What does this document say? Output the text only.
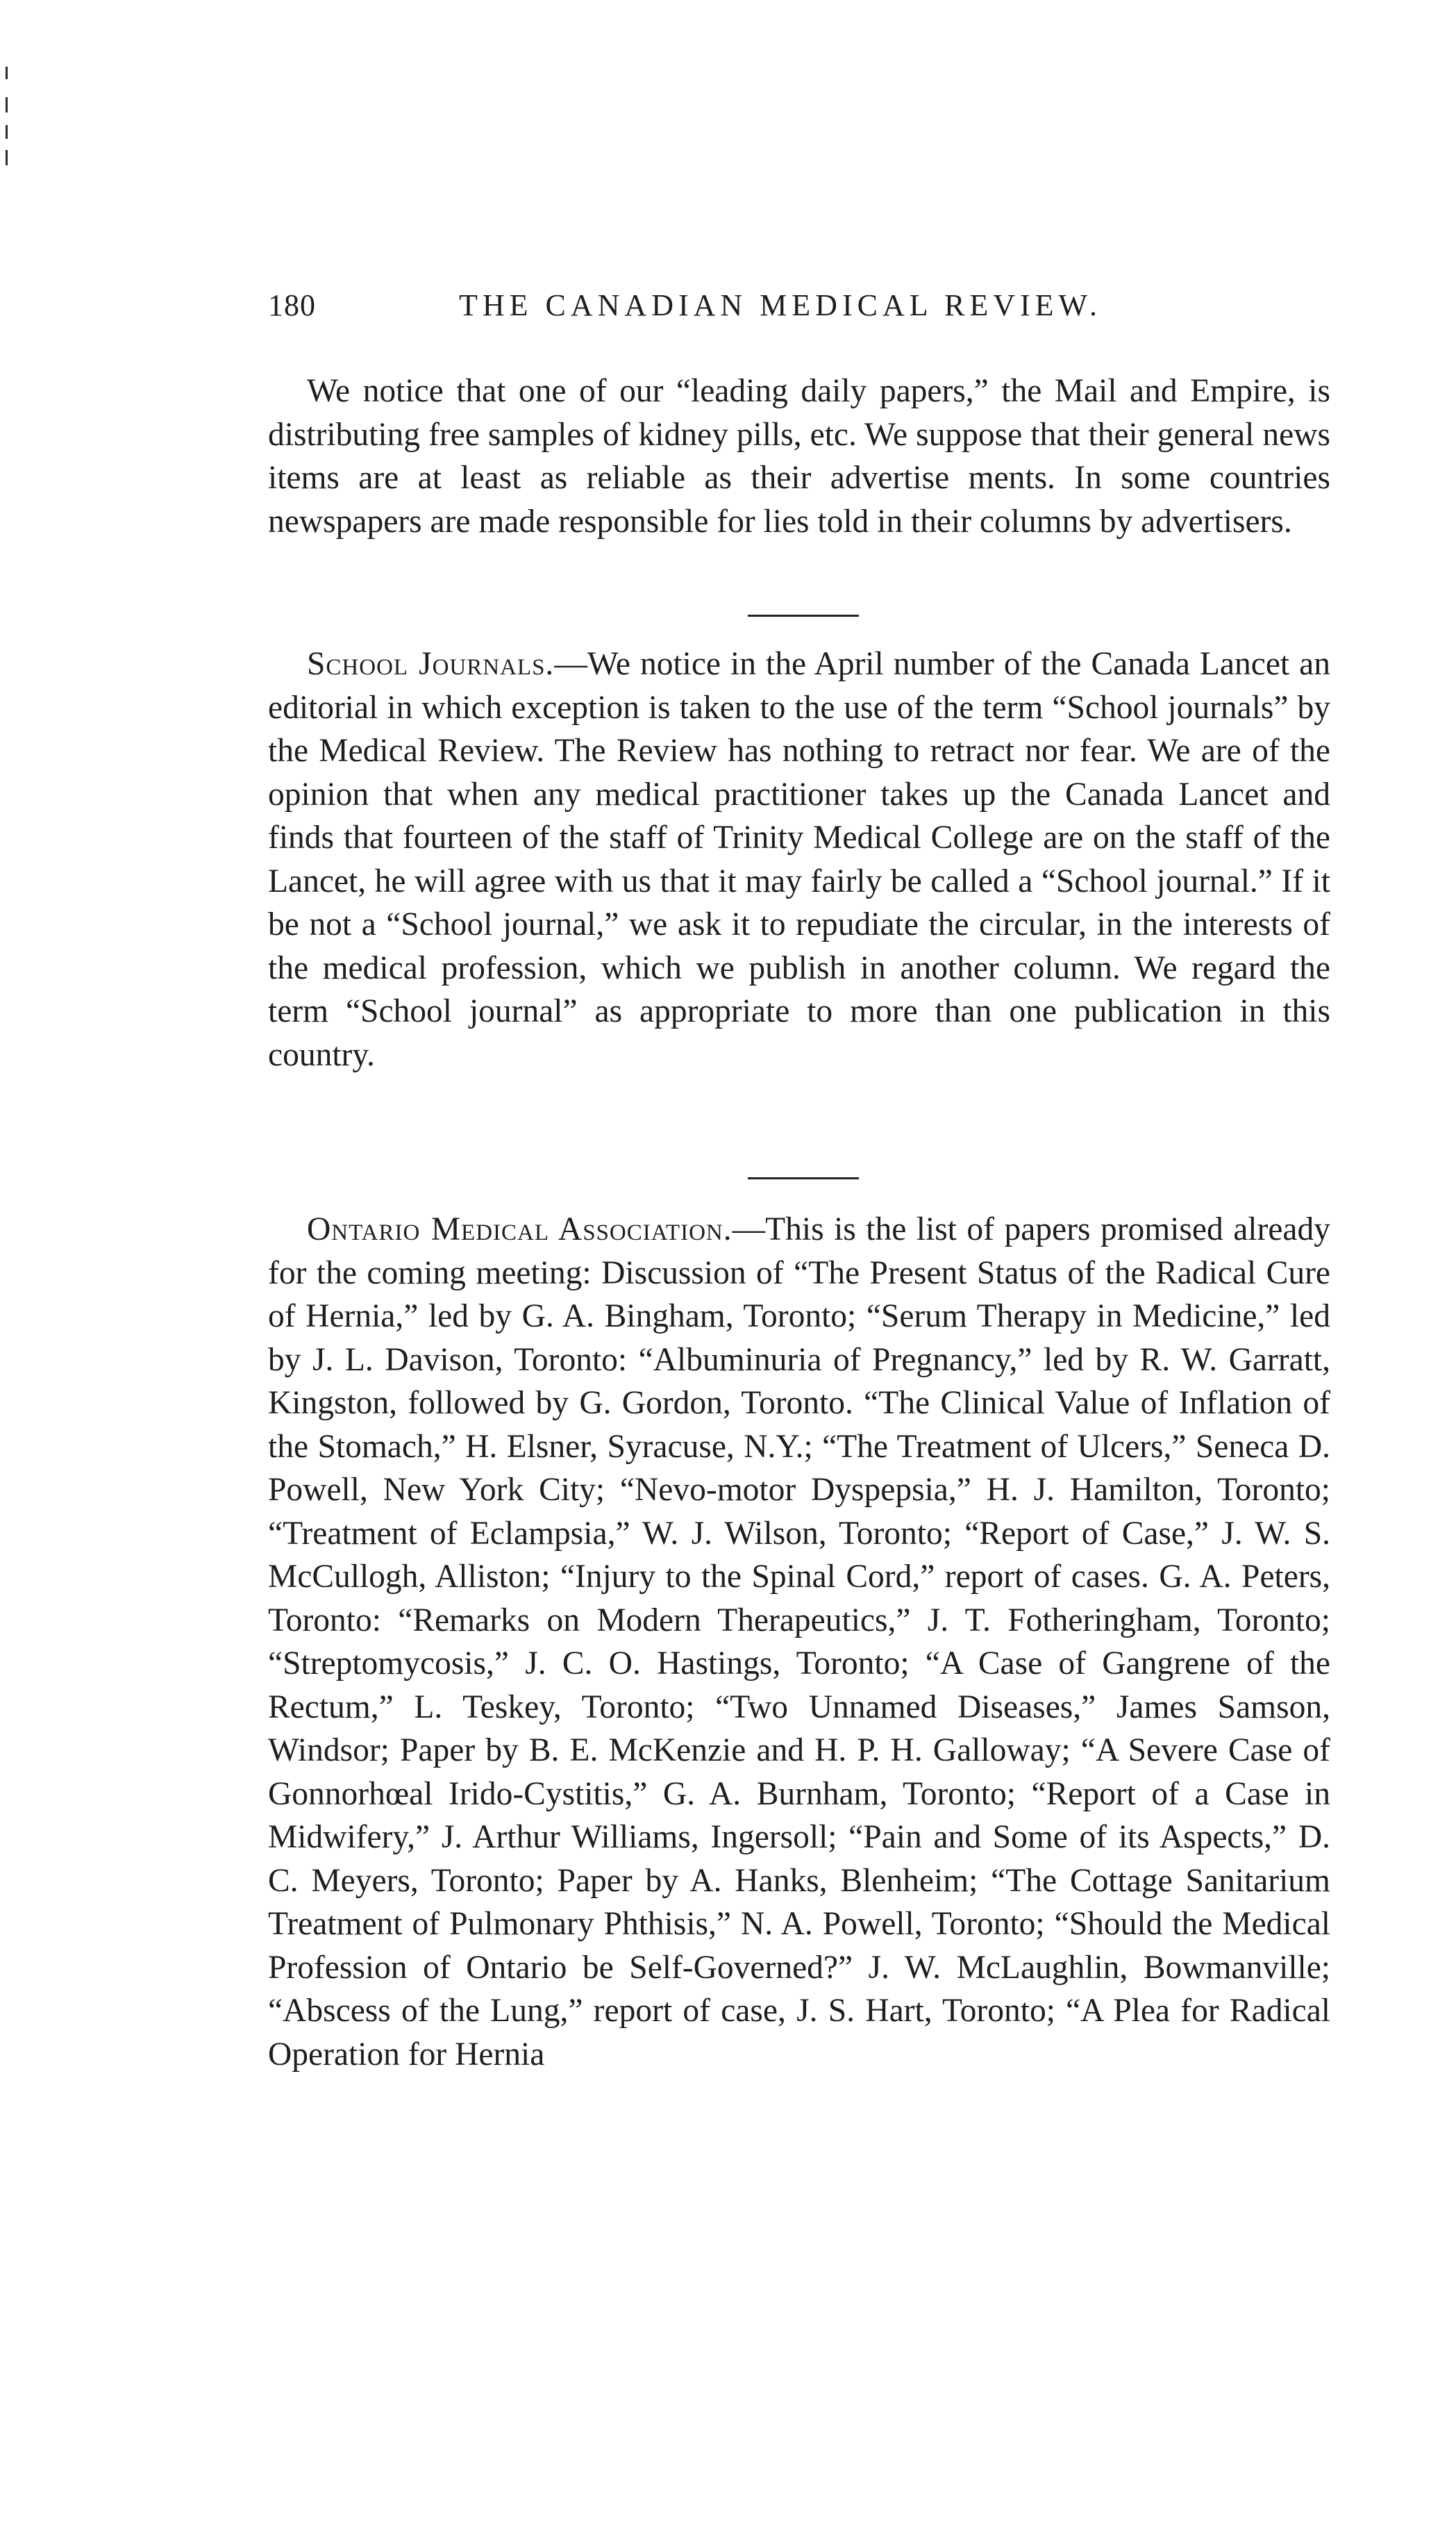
180	THE CANADIAN MEDICAL REVIEW.

We notice that one of our “leading daily papers,” the Mail and Empire, is distributing free samples of kidney pills, etc. We suppose that their general news items are at least as reliable as their advertise ments. In some countries newspapers are made responsible for lies told in their columns by advertisers.

School Journals.—We notice in the April number of the Canada Lancet an editorial in which exception is taken to the use of the term “School journals” by the Medical Review. The Review has nothing to retract nor fear. We are of the opinion that when any medical practitioner takes up the Canada Lancet and finds that fourteen of the staff of Trinity Medical College are on the staff of the Lancet, he will agree with us that it may fairly be called a “School journal.” If it be not a “School journal,” we ask it to repudiate the circular, in the interests of the medical profession, which we publish in another column. We regard the term “School journal” as appropriate to more than one publication in this country.

Ontario Medical Association.—This is the list of papers promised already for the coming meeting: Discussion of “The Present Status of the Radical Cure of Hernia,” led by G. A. Bingham, Toronto; “Serum Therapy in Medicine,” led by J. L. Davison, Toronto: “Albuminuria of Pregnancy,” led by R. W. Garratt, Kingston, followed by G. Gordon, Toronto. “The Clinical Value of Inflation of the Stomach,” H. Elsner, Syracuse, N.Y.; “The Treatment of Ulcers,” Seneca D. Powell, New York City; “Nevo-motor Dyspepsia,” H. J. Hamilton, Toronto; “Treatment of Eclampsia,” W. J. Wilson, Toronto; “Report of Case,” J. W. S. McCullogh, Alliston; “Injury to the Spinal Cord,” report of cases. G. A. Peters, Toronto: “Remarks on Modern Therapeutics,” J. T. Fotheringham, Toronto; “Streptomycosis,” J. C. O. Hastings, Toronto; “A Case of Gangrene of the Rectum,” L. Teskey, Toronto; “Two Unnamed Diseases,” James Samson, Windsor; Paper by B. E. McKenzie and H. P. H. Galloway; “A Severe Case of Gonnorhœal Irido-Cystitis,” G. A. Burnham, Toronto; “Report of a Case in Midwifery,” J. Arthur Williams, Ingersoll; “Pain and Some of its Aspects,” D. C. Meyers, Toronto; Paper by A. Hanks, Blenheim; “The Cottage Sanitarium Treatment of Pulmonary Phthisis,” N. A. Powell, Toronto; “Should the Medical Profession of Ontario be Self-Governed?” J. W. McLaughlin, Bowmanville; “Abscess of the Lung,” report of case, J. S. Hart, Toronto; “A Plea for Radical Operation for Hernia
